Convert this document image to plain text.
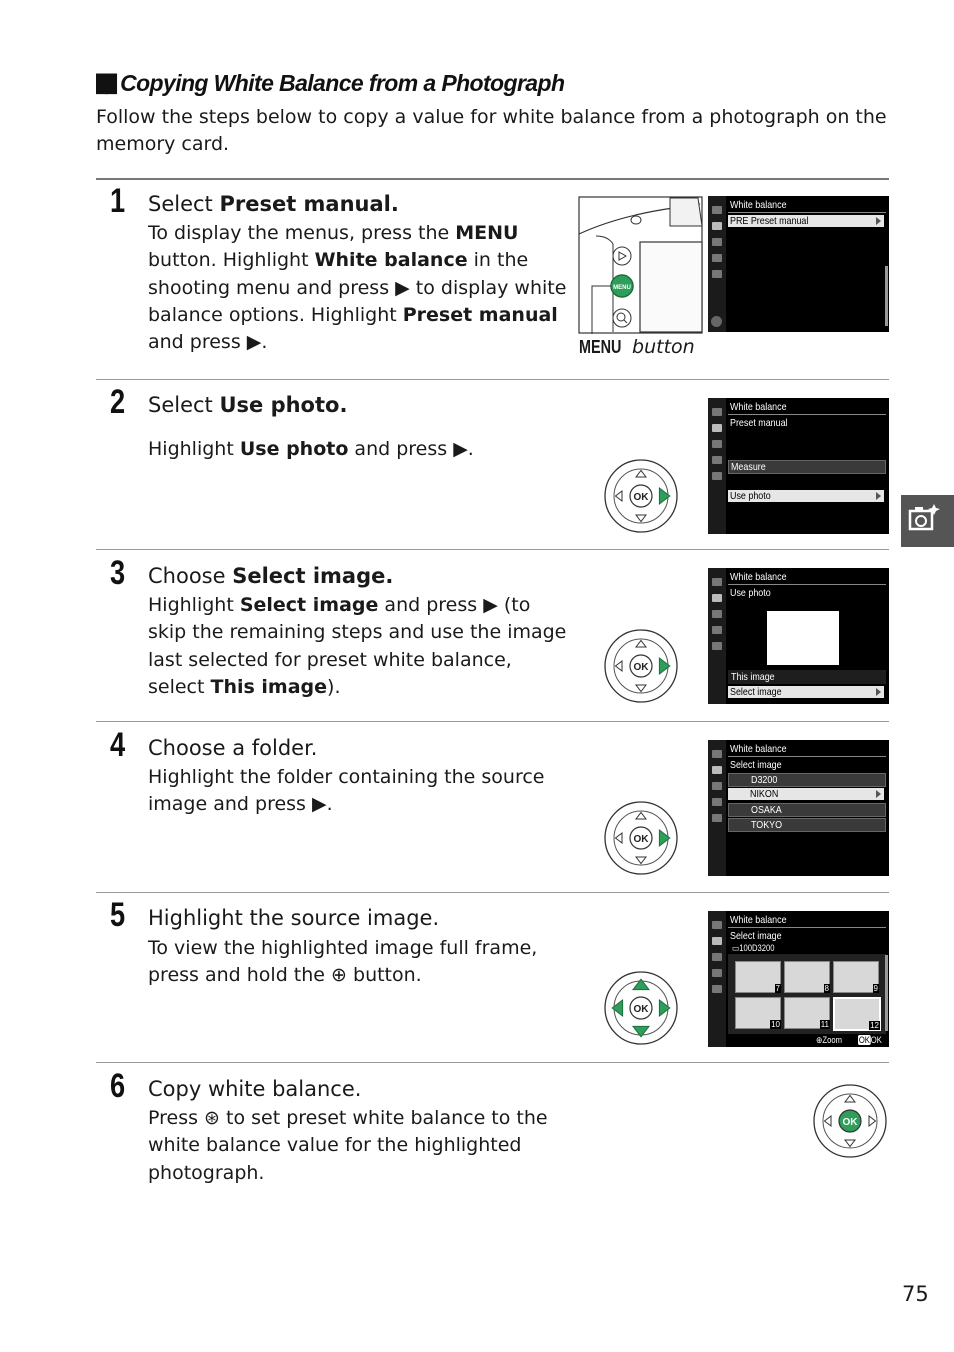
██ Copying White Balance from a Photograph
Follow the steps below to copy a value for white balance from a photograph on the memory card.
1 Select Preset manual.
To display the menus, press the MENU button. Highlight White balance in the shooting menu and press ▶ to display white balance options. Highlight Preset manual and press ▶.
MENU
MENU button
White balance
PRE Preset manual
2 Select Use photo.
Highlight Use photo and press ▶.
OK
White balance
Preset manual
Measure
Use photo
3 Choose Select image.
Highlight Select image and press ▶ (to skip the remaining steps and use the image last selected for preset white balance, select This image).
OK
White balance
Use photo
This image
Select image
4 Choose a folder.
Highlight the folder containing the source image and press ▶.
OK
White balance
Select image
D3200
NIKON
OSAKA
TOKYO
5 Highlight the source image.
To view the highlighted image full frame, press and hold the ⊕ button.
OK
White balance
Select image
▭100D3200
7	8	9
10	11	12
⊕Zoom OKOK
6 Copy white balance.
Press ⊛ to set preset white balance to the white balance value for the highlighted photograph.
OK
75
